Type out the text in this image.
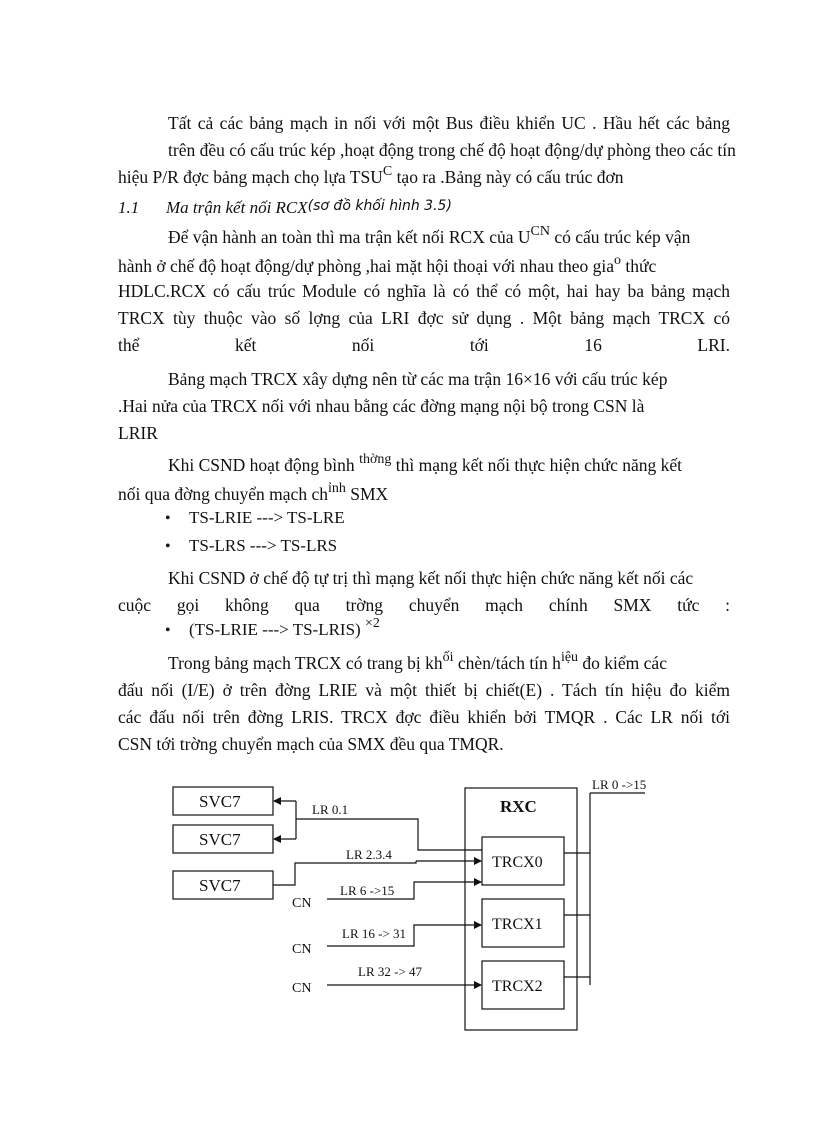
Tất cả các bảng mạch in nối với một Bus điều khiển UC . Hầu hết các bảng
trên đều có cấu trúc kép ,hoạt động trong chế độ hoạt động/dự phòng theo các tín
hiệu P/R đợc bảng mạch chọ lựa $TSU^C$ tạo ra .Bảng này có cấu trúc đơn
1.1 Ma trận kết nối RCX(sơ đồ khối hình 3.5)
Để vận hành an toàn thì ma trận kết nối RCX của $U^{CN}$ có cấu trúc kép vận
hành ở chế độ hoạt động/dự phòng ,hai mặt hội thoại với nhau theo gia$^o$ thức
HDLC.RCX có cấu trúc Module có nghĩa là có thể có một, hai hay ba bảng mạch
TRCX tùy thuộc vào số lợng của LRI đợc sử dụng . Một bảng mạch TRCX có
thể kết nối tới 16 LRI.
Bảng mạch TRCX xây dựng nên từ các ma trận 16×16 với cấu trúc kép
.Hai nửa của TRCX nối với nhau bằng các đờng mạng nội bộ trong CSN là
LRIR
Khi CSND hoạt động bình $^{thờng}$ thì mạng kết nối thực hiện chức năng kết
nối qua đờng chuyển mạch $ch^{ỉnh}$ SMX
• TS-LRIE ---> TS-LRE
• TS-LRS ---> TS-LRS
Khi CSND ở chế độ tự trị thì mạng kết nối thực hiện chức năng kết nối các
cuộc gọi không qua trờng chuyển mạch chính SMX tức :
• (TS-LRIE ---> TS-LRIS) $^{\times 2}$
Trong bảng mạch TRCX có trang bị $kh^{ối}$ chèn/tách tín $h^{iệu}$ đo kiểm các
đấu nối (I/E) ở trên đờng LRIE và một thiết bị chiết(E) . Tách tín hiệu đo kiểm
các đấu nối trên đờng LRIS. TRCX đợc điều khiển bởi TMQR . Các LR nối tới
CSN tới trờng chuyển mạch của SMX đều qua TMQR.
SVC7
SVC7
SVC7
RXC
TRCX0
TRCX1
TRCX2
LR 0.1
LR 2.3.4
LR 6 ->15
LR 16 -> 31
LR 32 -> 47
CN
CN
CN
LR 0 ->15
